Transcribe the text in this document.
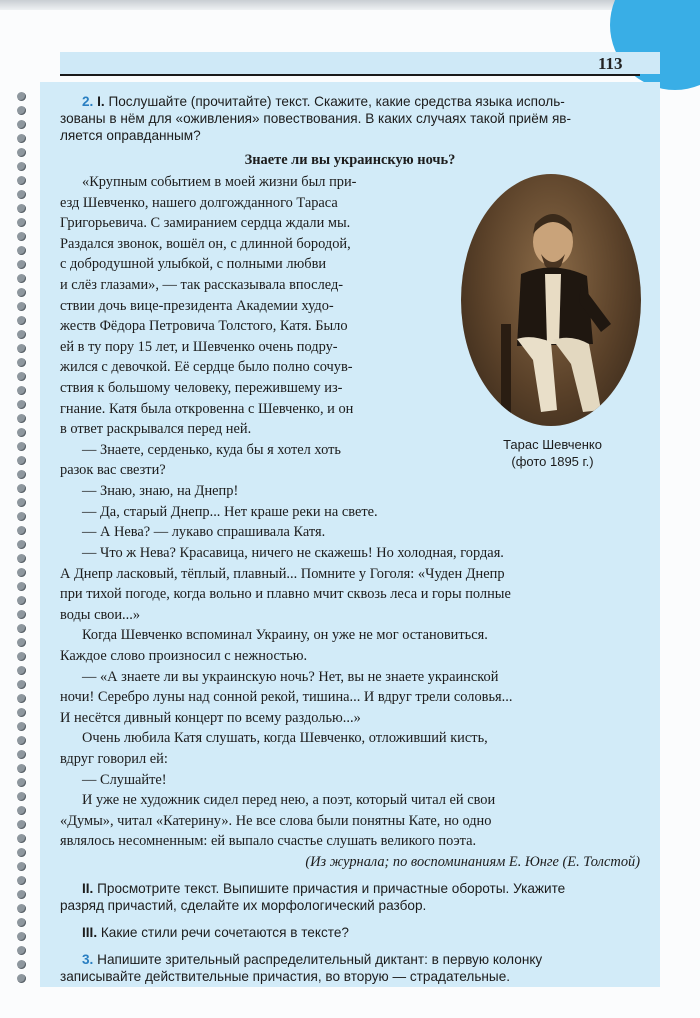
113
2. I. Послушайте (прочитайте) текст. Скажите, какие средства языка исполь-
зованы в нём для «оживления» повествования. В каких случаях такой приём яв-
ляется оправданным?
Знаете ли вы украинскую ночь?
Тарас Шевченко
(фото 1895 г.)
«Крупным событием в моей жизни был при-
езд Шевченко, нашего долгожданного Тараса
Григорьевича. С замиранием сердца ждали мы.
Раздался звонок, вошёл он, с длинной бородой,
с добродушной улыбкой, с полными любви
и слёз глазами», — так рассказывала впослед-
ствии дочь вице-президента Академии худо-
жеств Фёдора Петровича Толстого, Катя. Было
ей в ту пору 15 лет, и Шевченко очень подру-
жился с девочкой. Её сердце было полно сочув-
ствия к большому человеку, пережившему из-
гнание. Катя была откровенна с Шевченко, и он
в ответ раскрывался перед ней.
— Знаете, серденько, куда бы я хотел хоть
разок вас свезти?
— Знаю, знаю, на Днепр!
— Да, старый Днепр... Нет краше реки на свете.
— А Нева? — лукаво спрашивала Катя.
— Что ж Нева? Красавица, ничего не скажешь! Но холодная, гордая.
А Днепр ласковый, тёплый, плавный... Помните у Гоголя: «Чуден Днепр
при тихой погоде, когда вольно и плавно мчит сквозь леса и горы полные
воды свои...»
Когда Шевченко вспоминал Украину, он уже не мог остановиться.
Каждое слово произносил с нежностью.
— «А знаете ли вы украинскую ночь? Нет, вы не знаете украинской
ночи! Серебро луны над сонной рекой, тишина... И вдруг трели соловья...
И несётся дивный концерт по всему раздолью...»
Очень любила Катя слушать, когда Шевченко, отложивший кисть,
вдруг говорил ей:
— Слушайте!
И уже не художник сидел перед нею, а поэт, который читал ей свои
«Думы», читал «Катерину». Не все слова были понятны Кате, но одно
являлось несомненным: ей выпало счастье слушать великого поэта.
(Из журнала; по воспоминаниям Е. Юнге (Е. Толстой)
II. Просмотрите текст. Выпишите причастия и причастные обороты. Укажите
разряд причастий, сделайте их морфологический разбор.
III. Какие стили речи сочетаются в тексте?
3. Напишите зрительный распределительный диктант: в первую колонку
записывайте действительные причастия, во вторую — страдательные.
